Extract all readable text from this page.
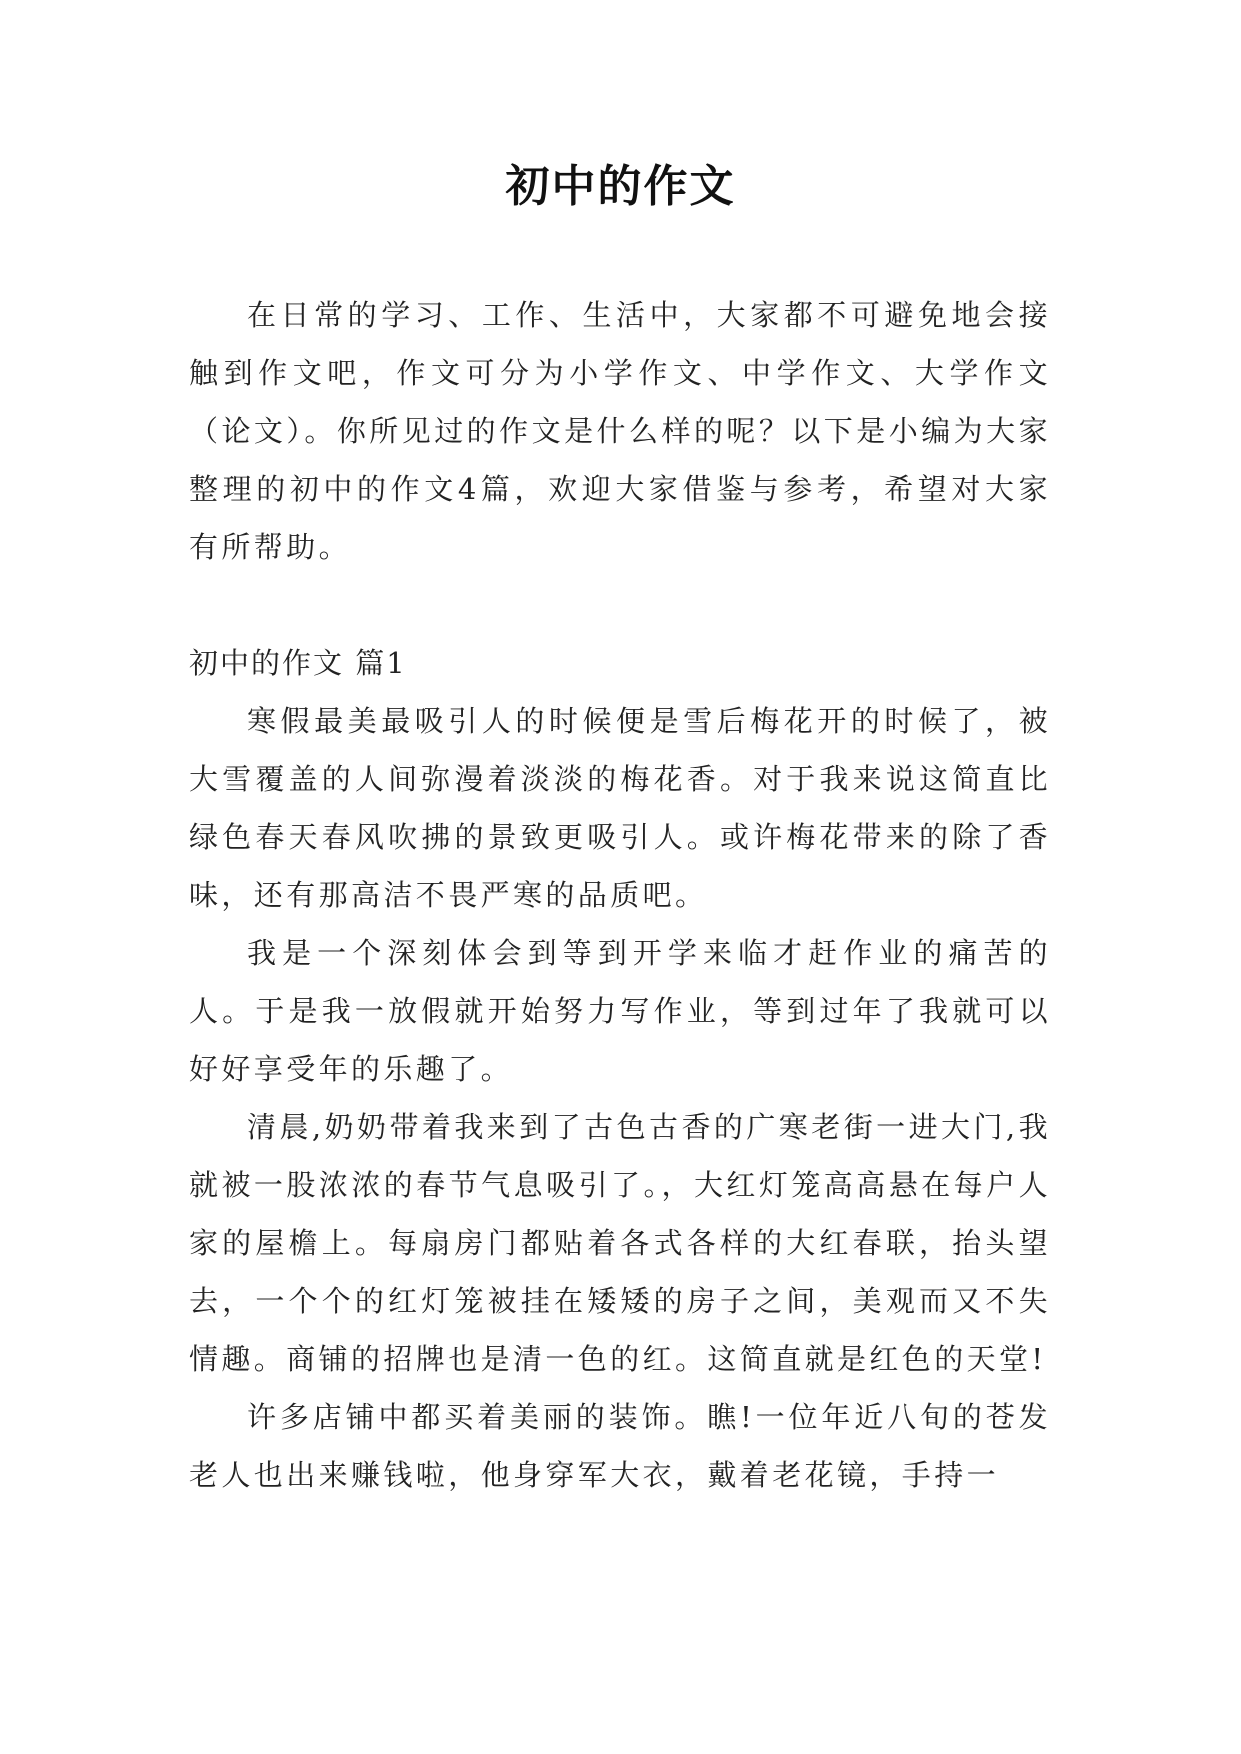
初中的作文

在日常的学习、工作、生活中，大家都不可避免地会接触到作文吧，作文可分为小学作文、中学作文、大学作文（论文）。你所见过的作文是什么样的呢？以下是小编为大家整理的初中的作文4篇，欢迎大家借鉴与参考，希望对大家有所帮助。

初中的作文 篇1

寒假最美最吸引人的时候便是雪后梅花开的时候了，被大雪覆盖的人间弥漫着淡淡的梅花香。对于我来说这简直比绿色春天春风吹拂的景致更吸引人。或许梅花带来的除了香味，还有那高洁不畏严寒的品质吧。

我是一个深刻体会到等到开学来临才赶作业的痛苦的人。于是我一放假就开始努力写作业，等到过年了我就可以好好享受年的乐趣了。

清晨,奶奶带着我来到了古色古香的广寒老街一进大门,我就被一股浓浓的春节气息吸引了。，大红灯笼高高悬在每户人家的屋檐上。每扇房门都贴着各式各样的大红春联，抬头望去，一个个的红灯笼被挂在矮矮的房子之间，美观而又不失情趣。商铺的招牌也是清一色的红。这简直就是红色的天堂!

许多店铺中都买着美丽的装饰。瞧!一位年近八旬的苍发老人也出来赚钱啦，他身穿军大衣，戴着老花镜，手持一
